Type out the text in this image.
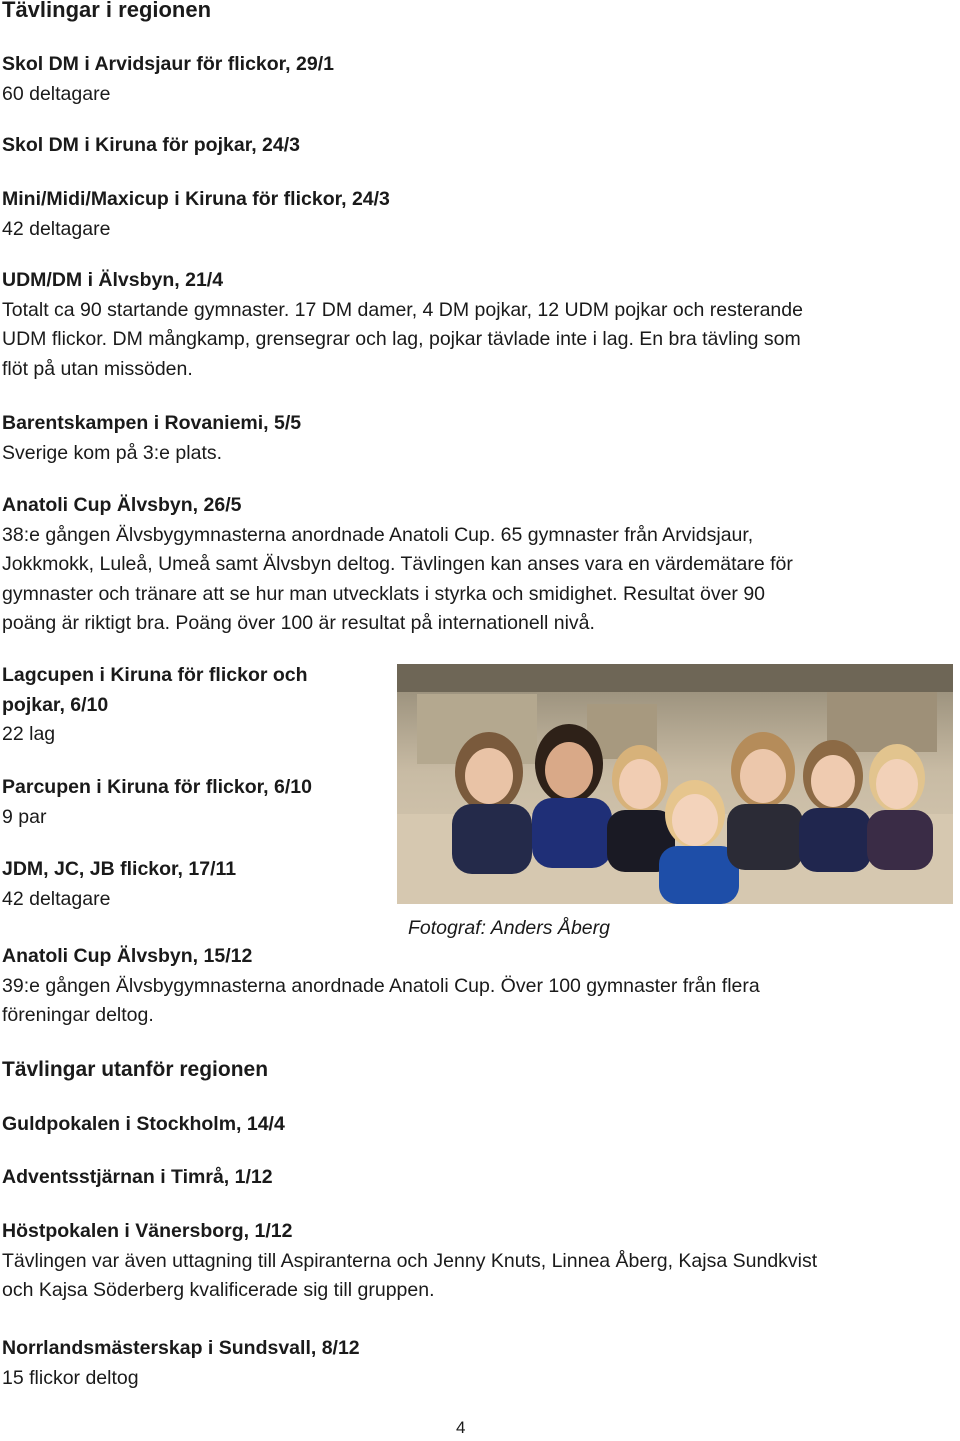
Tävlingar i regionen
Skol DM i Arvidsjaur för flickor, 29/1
60 deltagare
Skol DM i Kiruna för pojkar, 24/3
Mini/Midi/Maxicup i Kiruna för flickor, 24/3
42 deltagare
UDM/DM i Älvsbyn, 21/4
Totalt ca 90 startande gymnaster. 17 DM damer, 4 DM pojkar, 12 UDM pojkar och resterande
UDM flickor. DM mångkamp, grensegrar och lag, pojkar tävlade inte i lag. En bra tävling som
flöt på utan missöden.
Barentskampen i Rovaniemi, 5/5
Sverige kom på 3:e plats.
Anatoli Cup Älvsbyn, 26/5
38:e gången Älvsbygymnasterna anordnade Anatoli Cup. 65 gymnaster från Arvidsjaur,
Jokkmokk, Luleå, Umeå samt Älvsbyn deltog. Tävlingen kan anses vara en värdemätare för
gymnaster och tränare att se hur man utvecklats i styrka och smidighet. Resultat över 90
poäng är riktigt bra. Poäng över 100 är resultat på internationell nivå.
Lagcupen i Kiruna för flickor och
pojkar, 6/10
22 lag
Parcupen i Kiruna för flickor, 6/10
9 par
JDM, JC, JB flickor, 17/11
42 deltagare
Fotograf: Anders Åberg
Anatoli Cup Älvsbyn, 15/12
39:e gången Älvsbygymnasterna anordnade Anatoli Cup. Över 100 gymnaster från flera
föreningar deltog.
Tävlingar utanför regionen
Guldpokalen i Stockholm, 14/4
Adventsstjärnan i Timrå, 1/12
Höstpokalen i Vänersborg, 1/12
Tävlingen var även uttagning till Aspiranterna och Jenny Knuts, Linnea Åberg, Kajsa Sundkvist
och Kajsa Söderberg kvalificerade sig till gruppen.
Norrlandsmästerskap i Sundsvall, 8/12
15 flickor deltog
4
